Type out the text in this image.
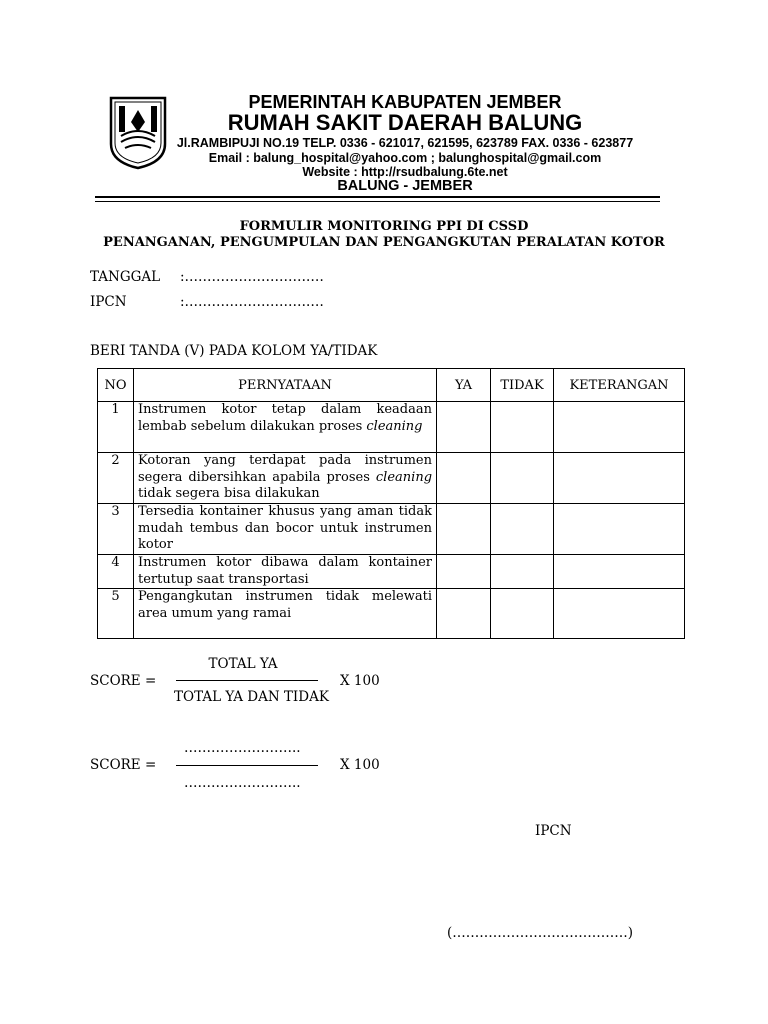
PEMERINTAH KABUPATEN JEMBER
RUMAH SAKIT DAERAH BALUNG
Jl.RAMBIPUJI NO.19 TELP. 0336 - 621017, 621595, 623789 FAX. 0336 - 623877
Email : balung_hospital@yahoo.com ; balunghospital@gmail.com
Website : http://rsudbalung.6te.net
BALUNG - JEMBER
FORMULIR MONITORING PPI DI CSSD
PENANGANAN, PENGUMPULAN DAN PENGANGKUTAN PERALATAN KOTOR
TANGGAL :……………………….…
IPCN	:……………………….…
BERI TANDA (V) PADA KOLOM YA/TIDAK
NO	PERNYATAAN	YA	TIDAK	KETERANGAN
1	Instrumen kotor tetap dalam keadaan lembab sebelum dilakukan proses cleaning			
2	Kotoran yang terdapat pada instrumen segera dibersihkan apabila proses cleaning tidak segera bisa dilakukan			
3	Tersedia kontainer khusus yang aman tidak mudah tembus dan bocor untuk instrumen kotor			
4	Instrumen kotor dibawa dalam kontainer tertutup saat transportasi			
5	Pengangkutan instrumen tidak melewati area umum yang ramai			
SCORE =
TOTAL YA
TOTAL YA DAN TIDAK
X 100
SCORE =
……………………..
……………………..
X 100
IPCN
(…………………………………)
